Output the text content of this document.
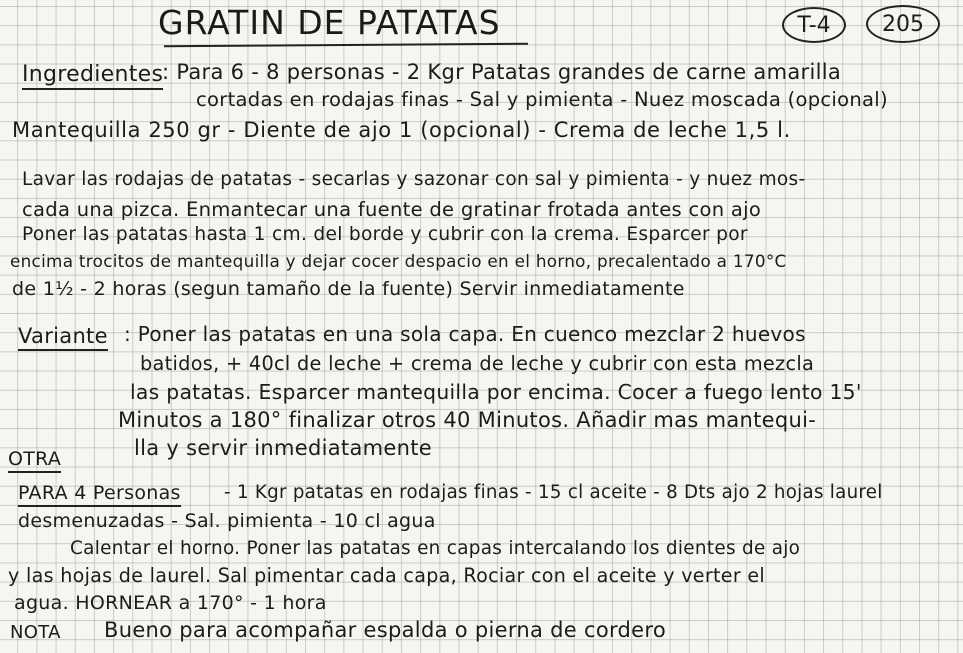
GRATIN DE PATATAS	T-4 205
Ingredientes
: Para 6 - 8 personas - 2 Kgr Patatas grandes de carne amarilla
cortadas en rodajas finas - Sal y pimienta - Nuez moscada (opcional)
Mantequilla 250 gr - Diente de ajo 1 (opcional) - Crema de leche 1,5 l.
Lavar las rodajas de patatas - secarlas y sazonar con sal y pimienta - y nuez mos-
cada una pizca. Enmantecar una fuente de gratinar frotada antes con ajo
Poner las patatas hasta 1 cm. del borde y cubrir con la crema. Esparcer por
encima trocitos de mantequilla y dejar cocer despacio en el horno, precalentado a 170°C
de 1½ - 2 horas (segun tamaño de la fuente) Servir inmediatamente
Variante : Poner las patatas en una sola capa. En cuenco mezclar 2 huevos
batidos, + 40cl de leche + crema de leche y cubrir con esta mezcla
las patatas. Esparcer mantequilla por encima. Cocer a fuego lento 15'
Minutos a 180° finalizar otros 40 Minutos. Añadir mas mantequi-
lla y servir inmediatamente
OTRA
PARA 4 Personas - 1 Kgr patatas en rodajas finas - 15 cl aceite - 8 Dts ajo 2 hojas laurel
desmenuzadas - Sal. pimienta - 10 cl agua
Calentar el horno. Poner las patatas en capas intercalando los dientes de ajo
y las hojas de laurel. Sal pimentar cada capa, Rociar con el aceite y verter el
agua. HORNEAR a 170° - 1 hora
NOTA Bueno para acompañar espalda o pierna de cordero
